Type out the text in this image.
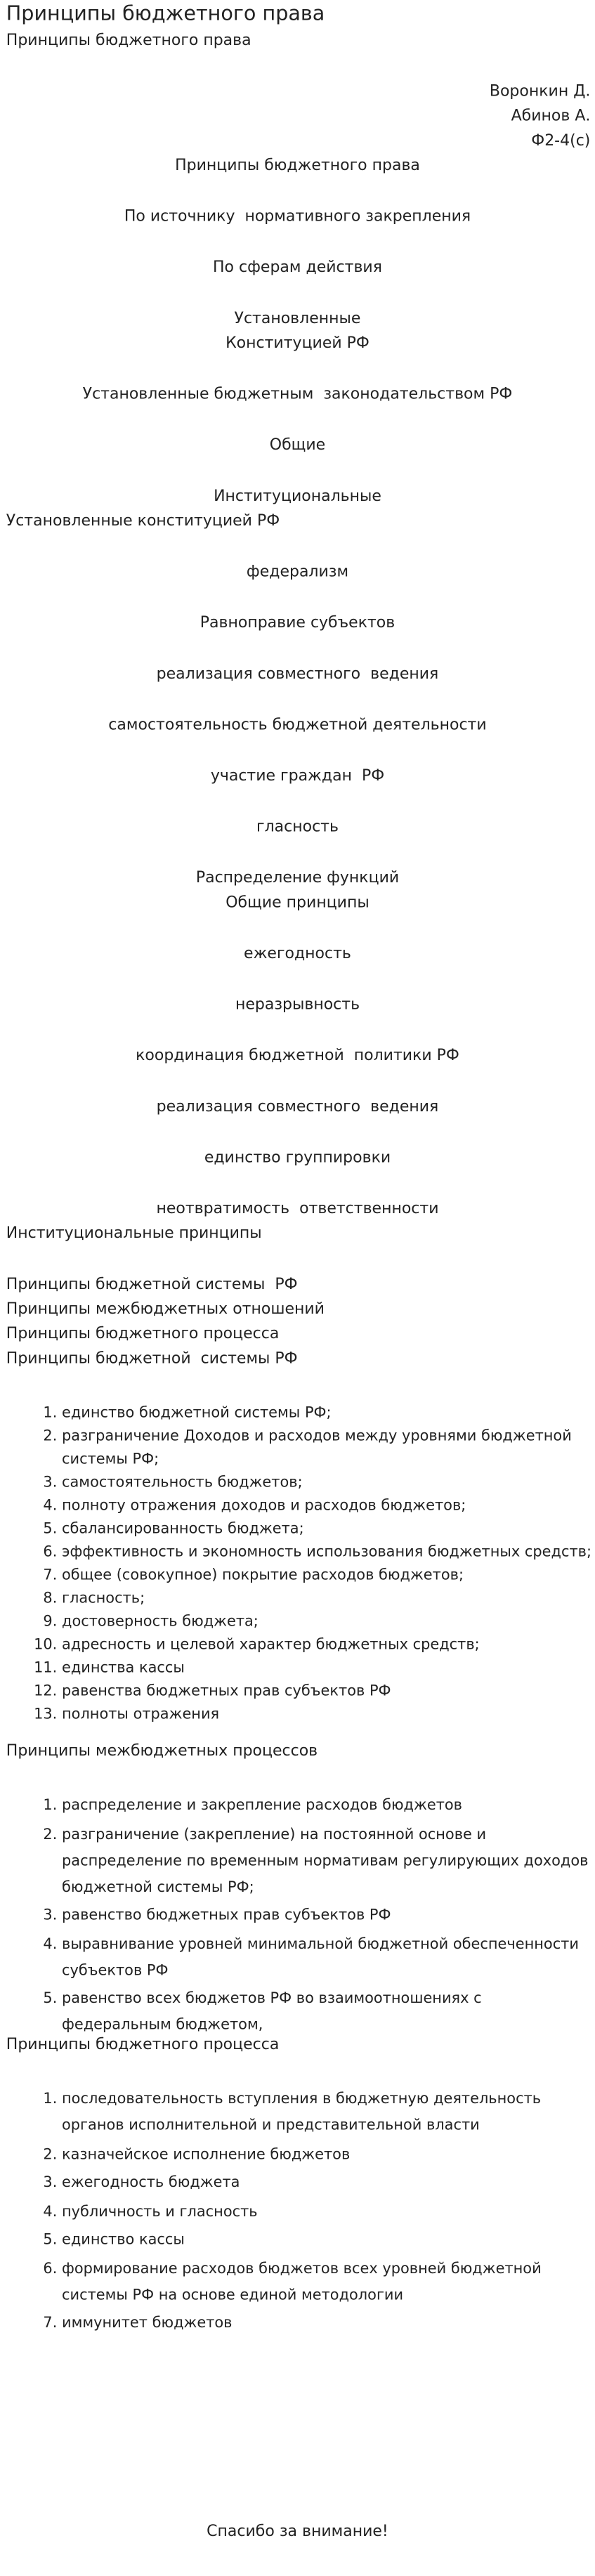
Принципы бюджетного права
Принципы бюджетного права
Воронкин Д.
Абинов А.
Ф2-4(с)
Принципы бюджетного права
По источнику  нормативного закрепления
По сферам действия
Установленные
Конституцией РФ
Установленные бюджетным  законодательством РФ
Общие
Институциональные
Установленные конституцией РФ
федерализм
Равноправие субъектов
реализация совместного  ведения
самостоятельность бюджетной деятельности
участие граждан  РФ
гласность
Распределение функций
Общие принципы
ежегодность
неразрывность
координация бюджетной  политики РФ
реализация совместного  ведения
единство группировки
неотвратимость  ответственности
Институциональные принципы
Принципы бюджетной системы  РФ
Принципы межбюджетных отношений
Принципы бюджетного процесса
Принципы бюджетной  системы РФ
1. единство бюджетной системы РФ;
2. разграничение Доходов и расходов между уровнями бюджетной системы РФ;
3. самостоятельность бюджетов;
4. полноту отражения доходов и расходов бюджетов;
5. сбалансированность бюджета;
6. эффективность и экономность использования бюджетных средств;
7. общее (совокупное) покрытие расходов бюджетов;
8. гласность;
9. достоверность бюджета;
10. адресность и целевой характер бюджетных средств;
11. единства кассы
12. равенства бюджетных прав субъектов РФ
13. полноты отражения
Принципы межбюджетных процессов
1. распределение и закрепление расходов бюджетов
2. разграничение (закрепление) на постоянной основе и распределение по временным нормативам регулирующих доходов бюджетной системы РФ;
3. равенство бюджетных прав субъектов РФ
4. выравнивание уровней минимальной бюджетной обеспеченности субъектов РФ
5. равенство всех бюджетов РФ во взаимоотношениях с федеральным бюджетом,
Принципы бюджетного процесса
1. последовательность вступления в бюджетную деятельность органов исполнительной и представительной власти
2. казначейское исполнение бюджетов
3. ежегодность бюджета
4. публичность и гласность
5. единство кассы
6. формирование расходов бюджетов всех уровней бюджетной системы РФ на основе единой методологии
7. иммунитет бюджетов
Спасибо за внимание!
